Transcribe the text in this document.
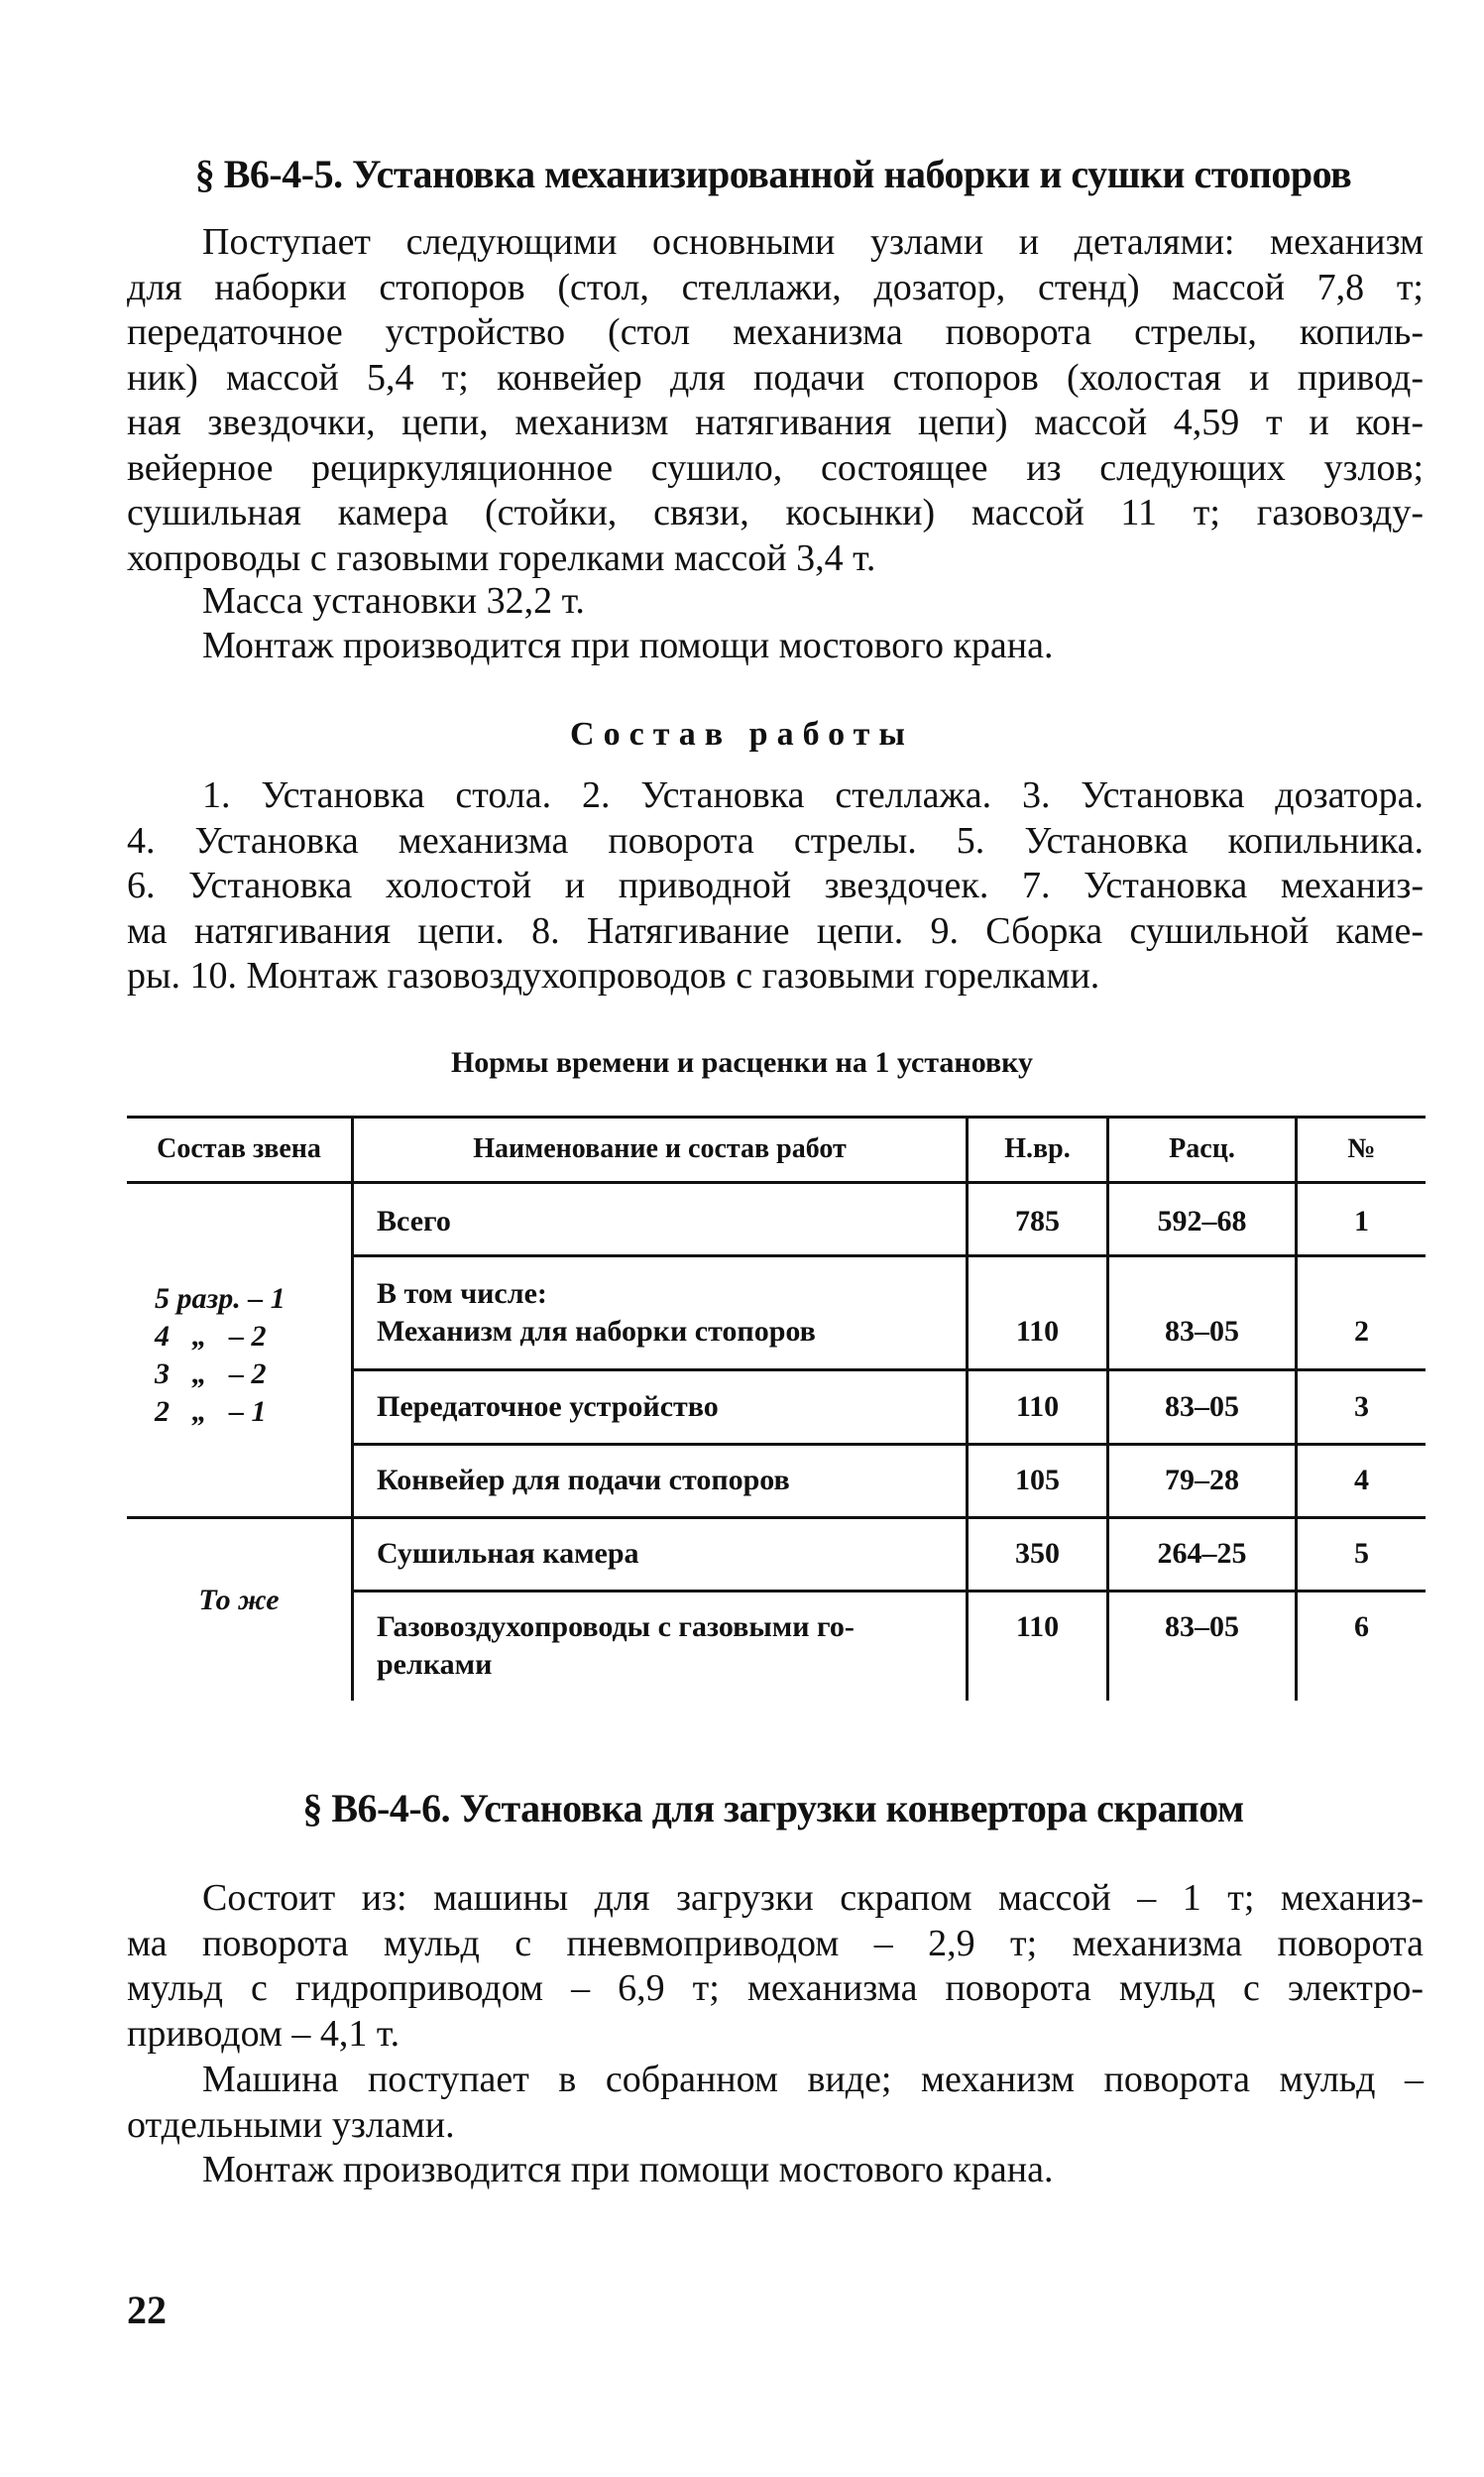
§ В6-4-5. Установка механизированной наборки и сушки стопоров
Поступает следующими основными узлами и деталями: механизм
для наборки стопоров (стол, стеллажи, дозатор, стенд) массой 7,8 т;
передаточное устройство (стол механизма поворота стрелы, копиль-
ник) массой 5,4 т; конвейер для подачи стопоров (холостая и привод-
ная звездочки, цепи, механизм натягивания цепи) массой 4,59 т и кон-
вейерное рециркуляционное сушило, состоящее из следующих узлов;
сушильная камера (стойки, связи, косынки) массой 11 т; газовозду-
хопроводы с газовыми горелками массой 3,4 т.
Масса установки 32,2 т.
Монтаж производится при помощи мостового крана.
Состав работы
1. Установка стола. 2. Установка стеллажа. 3. Установка дозатора.
4. Установка механизма поворота стрелы. 5. Установка копильника.
6. Установка холостой и приводной звездочек. 7. Установка механиз-
ма натягивания цепи. 8. Натягивание цепи. 9. Сборка сушильной каме-
ры. 10. Монтаж газовоздухопроводов с газовыми горелками.
Нормы времени и расценки на 1 установку
Состав звена	Наименование и состав работ	Н.вр.	Расц.	№
5 разр. – 1
4   „   – 2
3   „   – 2
2   „   – 1
То же
Всего	785	592–68	1
В том числе:
Механизм для наборки стопоров	110	83–05	2
Передаточное устройство	110	83–05	3
Конвейер для подачи стопоров	105	79–28	4
Сушильная камера	350	264–25	5
Газовоздухопроводы с газовыми го-
релками
110	83–05	6
§ В6-4-6. Установка для загрузки конвертора скрапом
Состоит из: машины для загрузки скрапом массой – 1 т; механиз-
ма поворота мульд с пневмоприводом – 2,9 т; механизма поворота
мульд с гидроприводом – 6,9 т; механизма поворота мульд с электро-
приводом – 4,1 т.
Машина поступает в собранном виде; механизм поворота мульд –
отдельными узлами.
Монтаж производится при помощи мостового крана.
22
